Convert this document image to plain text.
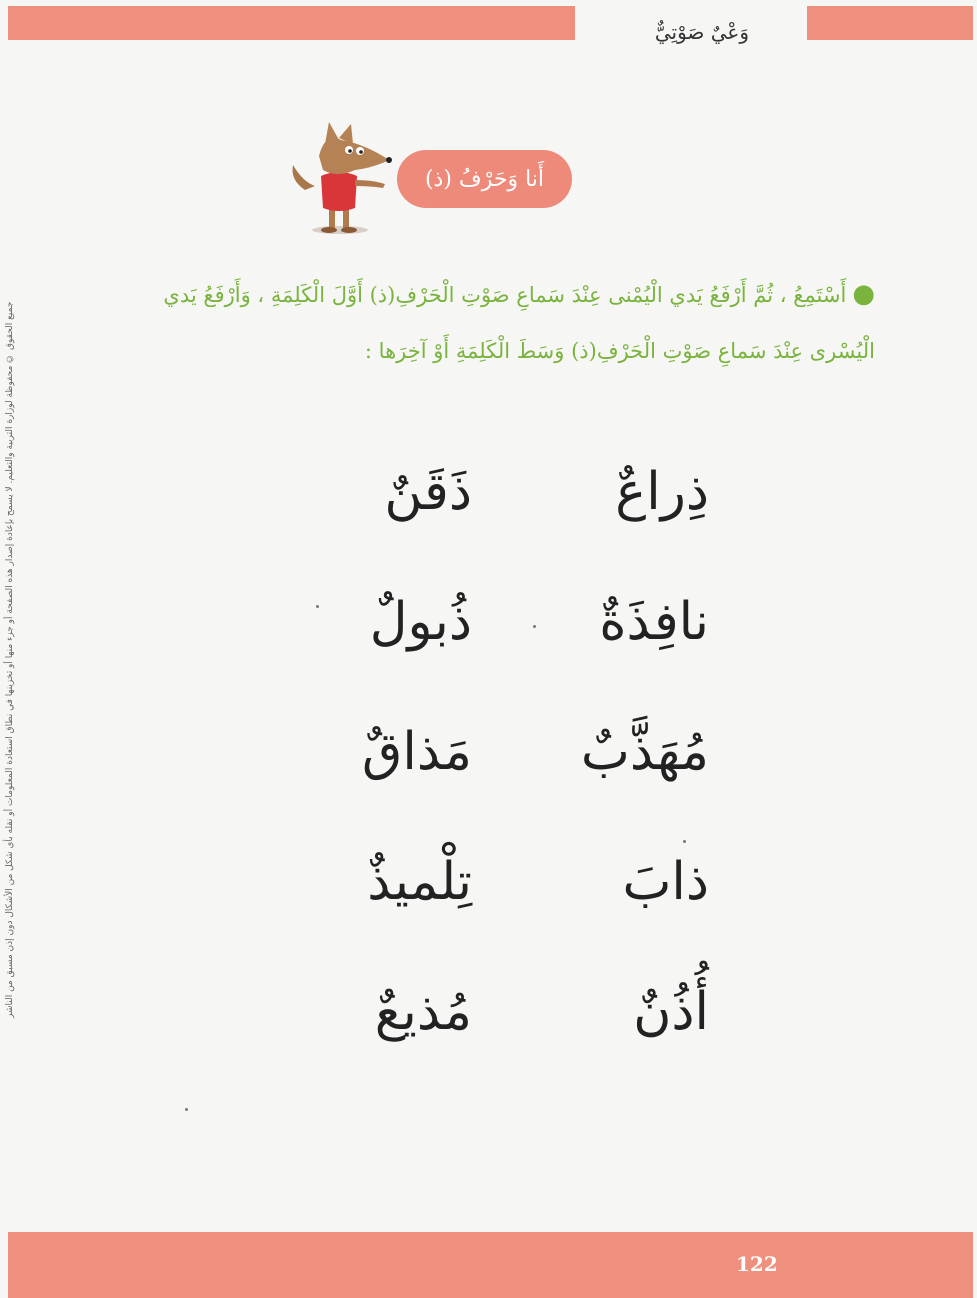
وَعْيٌ صَوْتِيٌّ
جميع الحقوق © محفوظة لوزارة التربية والتعليم. لا يسمح بإعادة إصدار هذه الصفحة أو جزء منها أو تخزينها في نطاق استعادة المعلومات أو نقله بأي شكل من الأشكال دون إذن مسبق من الناشر
أَنا وَحَرْفُ (ذ)
●أَسْتَمِعُ ، ثُمَّ أَرْفَعُ يَدي الْيُمْنى عِنْدَ سَماعِ صَوْتِ الْحَرْفِ(ذ) أَوَّلَ الْكَلِمَةِ ، وَأَرْفَعُ يَدي
الْيُسْرى عِنْدَ سَماعِ صَوْتِ الْحَرْفِ(ذ) وَسَطَ الْكَلِمَةِ أَوْ آخِرَها :
ذِراعٌ
نافِذَةٌ
مُهَذَّبٌ
ذابَ
أُذُنٌ
ذَقَنٌ
ذُبولٌ
مَذاقٌ
تِلْميذٌ
مُذيعٌ
122
